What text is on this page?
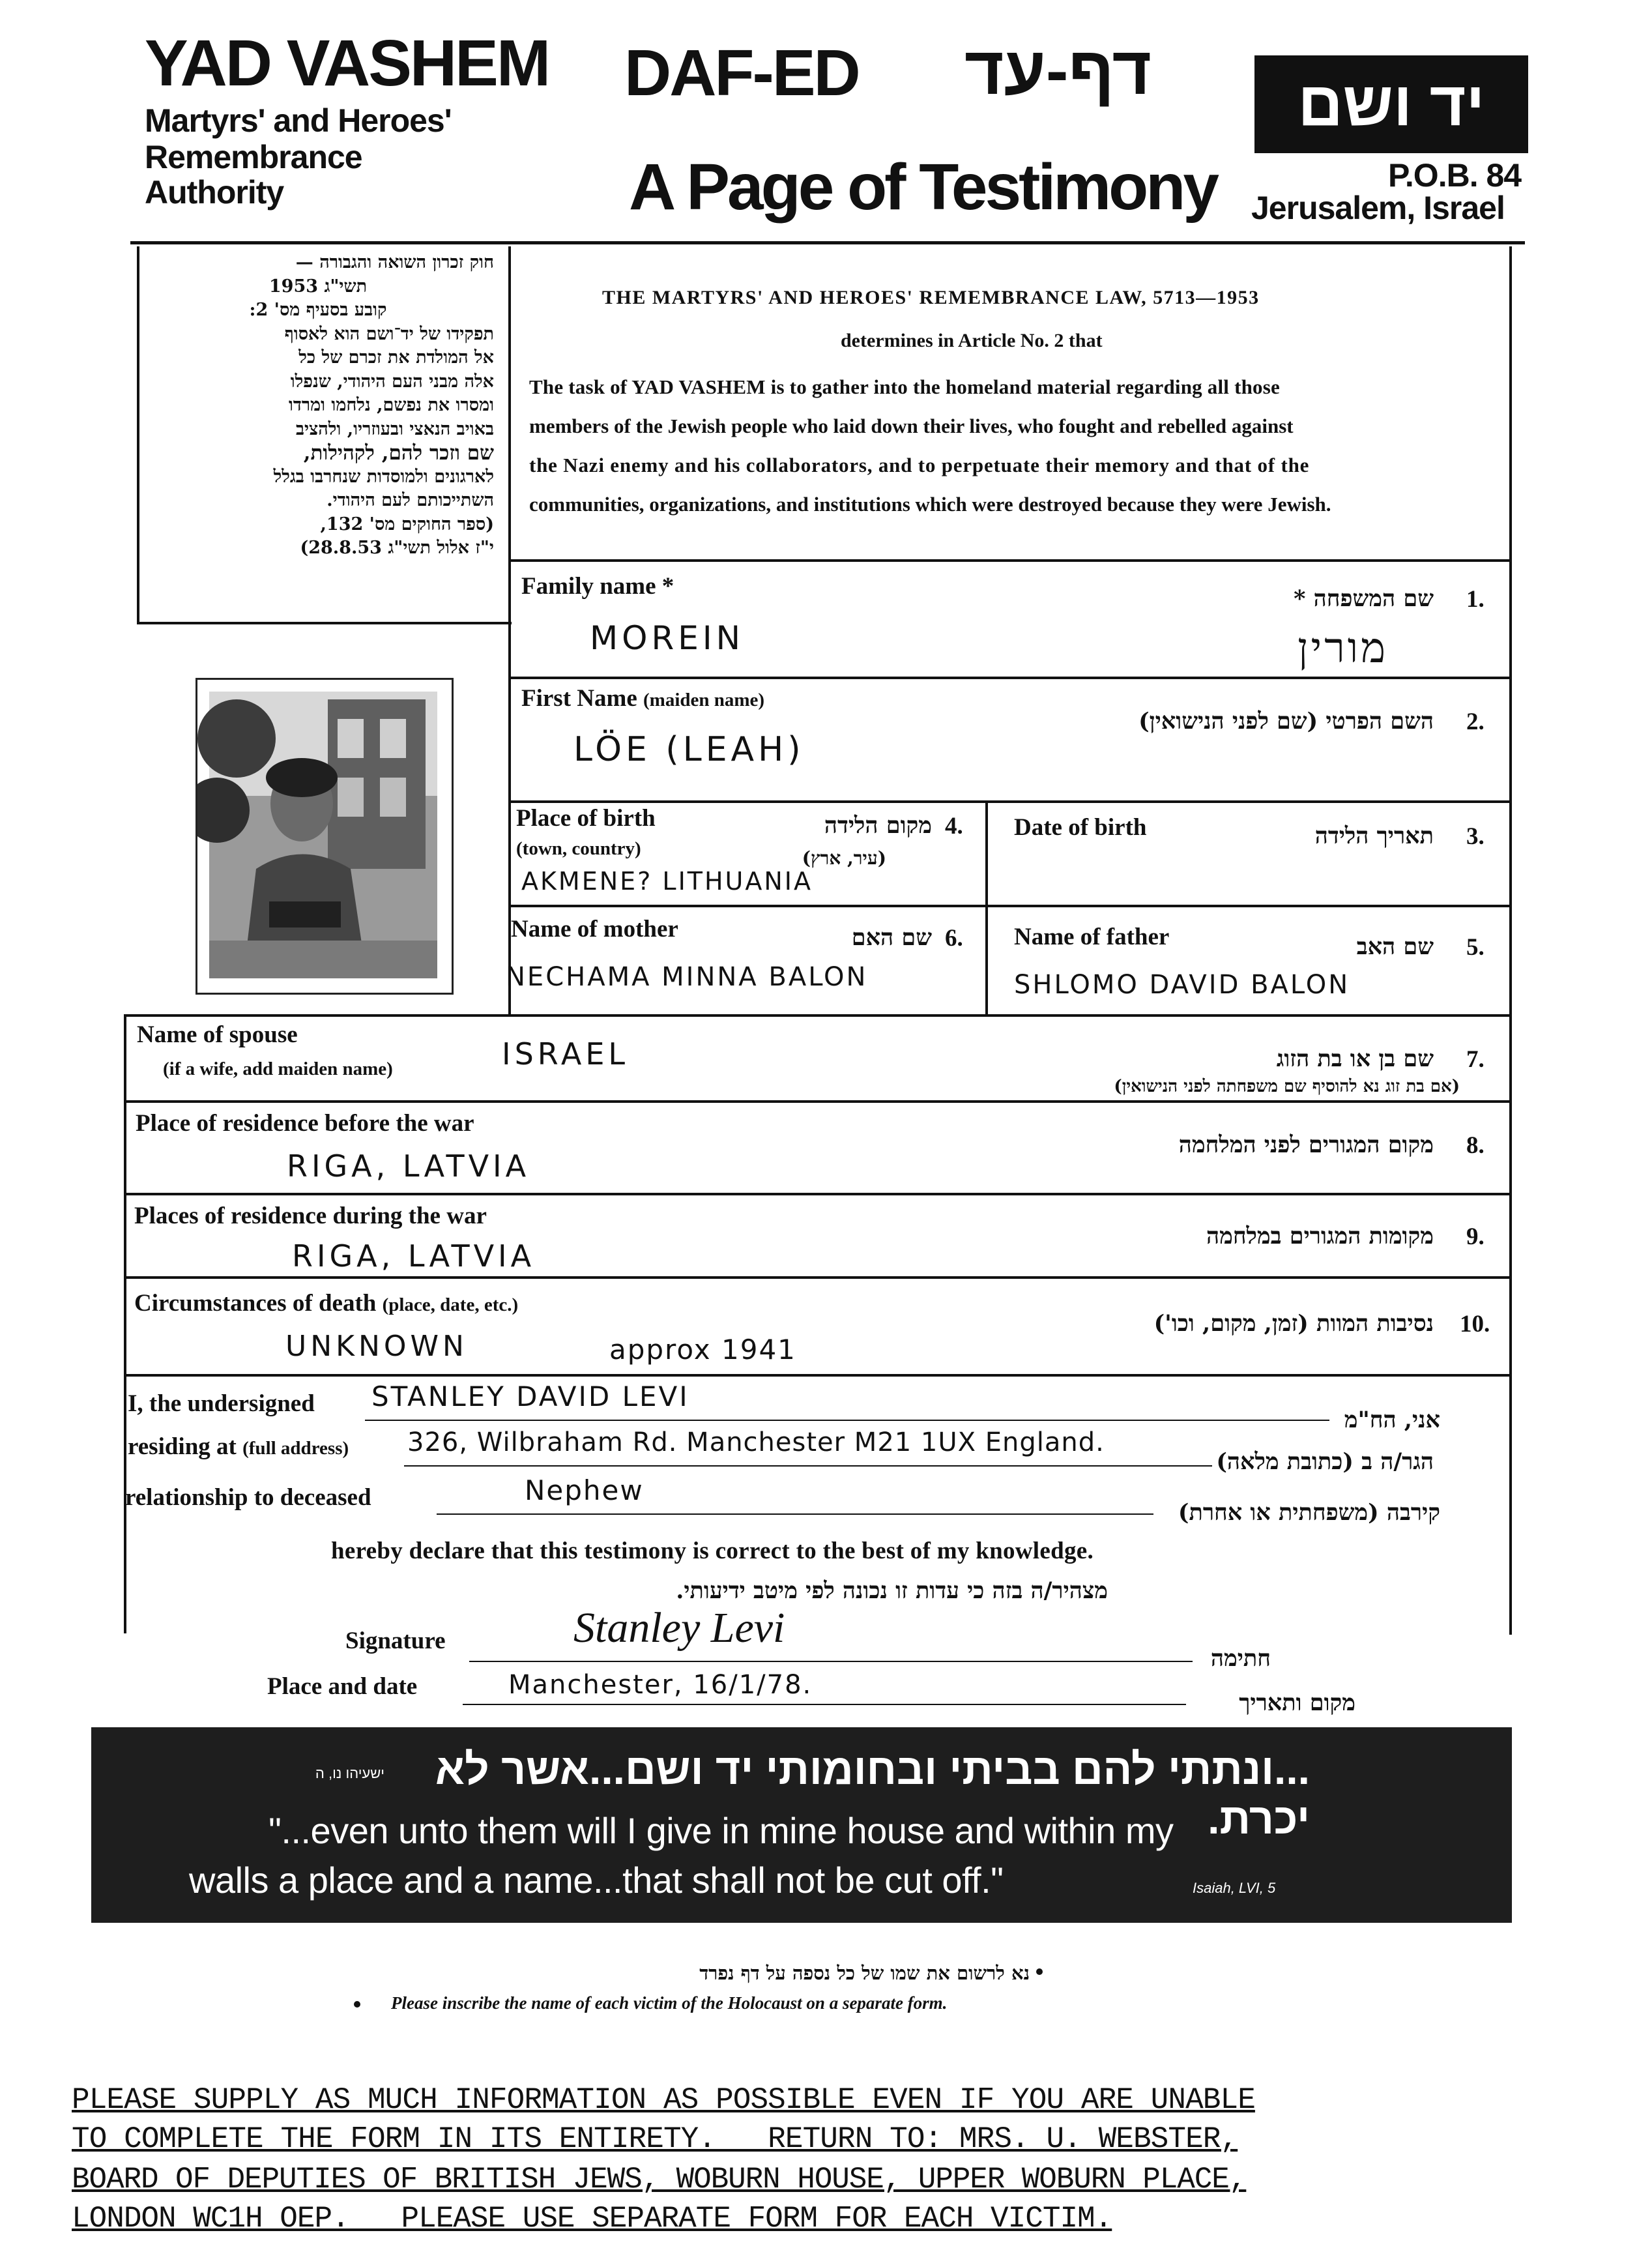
YAD VASHEM
Martyrs' and Heroes'
Remembrance
Authority
DAF-ED דף-עד
A Page of Testimony
יד ושם
P.O.B. 84
Jerusalem, Israel
חוק זכרון השואה והגבורה —
תשי"ג 1953
קובע בסעיף מס' 2:
תפקידו של יד־ושם הוא לאסוף
אל המולדת את זכרם של כל
אלה מבני העם היהודי, שנפלו
ומסרו את נפשם, נלחמו ומרדו
באויב הנאצי ובעוזריו, ולהציב
שם וזכר להם, לקהילות,
לארגונים ולמוסדות שנחרבו בגלל
השתייכותם לעם היהודי.
(ספר החוקים מס' 132,
י"ז אלול תשי"ג 28.8.53)
THE MARTYRS' AND HEROES' REMEMBRANCE LAW, 5713—1953
determines in Article No. 2 that
The task of YAD VASHEM is to gather into the homeland material regarding all those
members of the Jewish people who laid down their lives, who fought and rebelled against
the Nazi enemy and his collaborators, and to perpetuate their memory and that of the
communities, organizations, and institutions which were destroyed because they were Jewish.
Family name *	שם המשפחה * 1.
MOREIN	מורין
First Name (maiden name)
השם הפרטי (שם לפני הנישואין) 2.
LÖE (LEAH)
Place of birth
(town, country)
מקום הלידה 4.
(עיר, ארץ)
AKMENE? LITHUANIA
Date of birth	תאריך הלידה 3.
Name of mother	שם האם 6.
NECHAMA MINNA BALON
Name of father	שם האב 5.
SHLOMO DAVID BALON
Name of spouse
(if a wife, add maiden name)	ISRAEL	שם בן או בת הזוג 7.
(אם בת זוג נא להוסיף שם משפחתה לפני הנישואין)
Place of residence before the war
מקום המגורים לפני המלחמה 8.
RIGA, LATVIA
Places of residence during the war
מקומות המגורים במלחמה 9.
RIGA, LATVIA
Circumstances of death (place, date, etc.)
נסיבות המוות (זמן, מקום, וכו') 10.
UNKNOWN	approx 1941
I, the undersigned STANLEY DAVID LEVI
אני, הח"מ
residing at (full address) 326, Wilbraham Rd. Manchester M21 1UX England.
הגר/ה ב (כתובת מלאה)
relationship to deceased	Nephew
קירבה (משפחתית או אחרת)
hereby declare that this testimony is correct to the best of my knowledge.
מצהיר/ה בזה כי עדות זו נכונה לפי מיטב ידיעותי.
Signature	Stanley Levi
חתימה
Place and date	Manchester, 16/1/78.
מקום ותאריך
...ונתתי להם בביתי ובחומותי יד ושם...אשר לא יכרת.
ישעיהו נו, ה
"...even unto them will I give in mine house and within my
walls a place and a name...that shall not be cut off."	Isaiah, LVI, 5
נא לרשום את שמו של כל נספה על דף נפרד
Please inscribe the name of each victim of the Holocaust on a separate form.
PLEASE SUPPLY AS MUCH INFORMATION AS POSSIBLE EVEN IF YOU ARE UNABLE
TO COMPLETE THE FORM IN ITS ENTIRETY.   RETURN TO: MRS. U. WEBSTER,
BOARD OF DEPUTIES OF BRITISH JEWS, WOBURN HOUSE, UPPER WOBURN PLACE,
LONDON WC1H OEP.   PLEASE USE SEPARATE FORM FOR EACH VICTIM.
